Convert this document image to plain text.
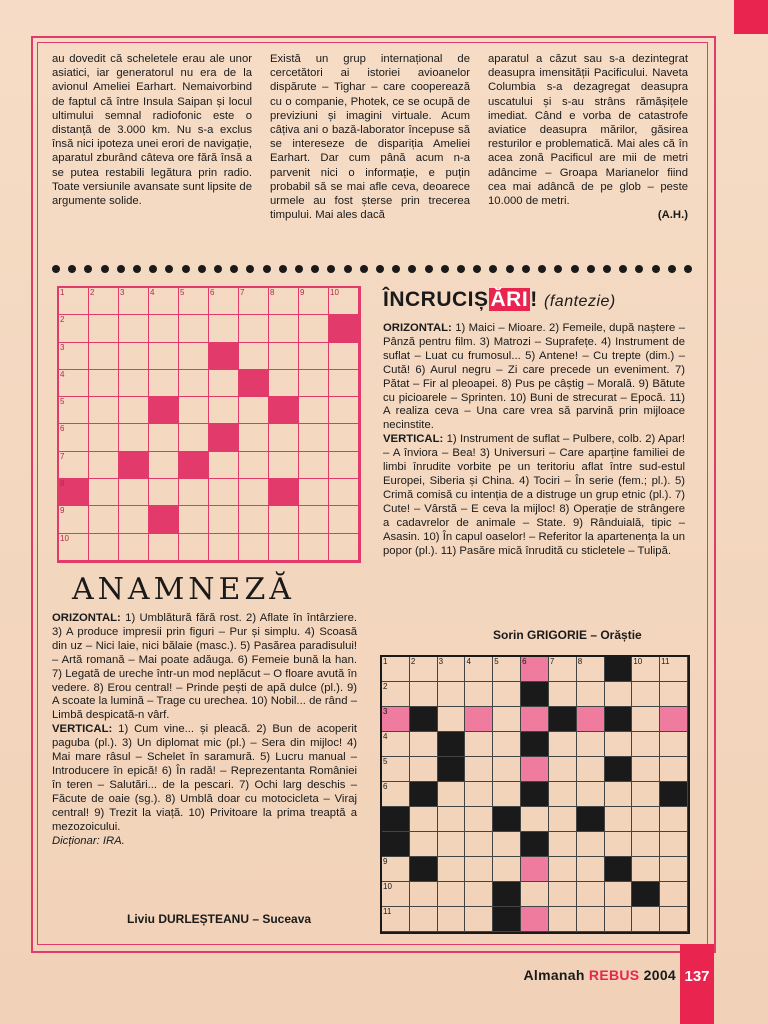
au dovedit că scheletele erau ale unor asiatici, iar generatorul nu era de la avionul Ameliei Earhart. Nemaivorbind de faptul că între Insula Saipan și locul ultimului semnal radiofonic este o distanță de 3.000 km. Nu s-a exclus însă nici ipoteza unei erori de navigație, aparatul zburând câteva ore fără însă a se putea restabili legătura prin radio. Toate versiunile avansate sunt lipsite de argumente solide.
Există un grup internațional de cercetători ai istoriei avioanelor dispărute – Tighar – care cooperează cu o companie, Photek, ce se ocupă de previziuni și imagini virtuale. Acum câțiva ani o bază-laborator începuse să se intereseze de dispariția Ameliei Earhart. Dar cum până acum n-a parvenit nici o informație, e puțin probabil să se mai afle ceva, deoarece urmele au fost șterse prin trecerea timpului. Mai ales dacă
aparatul a căzut sau s-a dezintegrat deasupra imensității Pacificului. Naveta Columbia s-a dezagregat deasupra uscatului și s-au strâns rămășițele imediat. Când e vorba de catastrofe aviatice deasupra mărilor, găsirea resturilor e problematică. Mai ales că în acea zonă Pacificul are mii de metri adâncime – Groapa Marianelor fiind cea mai adâncă de pe glob – peste 10.000 de metri.
(A.H.)
1	2	3	4	5	6	7	8	9	10
2
3
4
5
6
7
8
9
10
ÎNCRUCIȘĂRI! (fantezie)
ORIZONTAL: 1) Maici – Mioare. 2) Femeile, după naștere – Pânză pentru film. 3) Matrozi – Suprafețe. 4) Instrument de suflat – Luat cu frumosul... 5) Antene! – Cu trepte (dim.) – Cută! 6) Aurul negru – Zi care precede un eveniment. 7) Pătat – Fir al pleoapei. 8) Pus pe câștig – Morală. 9) Bătute cu picioarele – Sprinten. 10) Buni de strecurat – Epocă. 11) A realiza ceva – Una care vrea să parvină prin mijloace necinstite.
VERTICAL: 1) Instrument de suflat – Pulbere, colb. 2) Apar! – A înviora – Bea! 3) Universuri – Care aparține familiei de limbi înrudite vorbite pe un teritoriu aflat între sud-estul Europei, Siberia și China. 4) Tociri – În serie (fem.; pl.). 5) Crimă comisă cu intenția de a distruge un grup etnic (pl.). 7) Cute! – Vârstă – E ceva la mijloc! 8) Operație de strângere a cadavrelor de animale – State. 9) Rânduială, tipic – Asasin. 10) În capul oaselor! – Referitor la apartenența la un popor (pl.). 11) Pasăre mică înrudită cu sticletele – Tulipă.
Sorin GRIGORIE – Orăștie
ANAMNEZĂ
ORIZONTAL: 1) Umblătură fără rost. 2) Aflate în întârziere. 3) A produce impresii prin figuri – Pur și simplu. 4) Scoasă din uz – Nici laie, nici bălaie (masc.). 5) Pasărea paradisului! – Artă romană – Mai poate adăuga. 6) Femeie bună la han. 7) Legată de ureche într-un mod neplăcut – O floare avută în vedere. 8) Erou central! – Prinde pești de apă dulce (pl.). 9) A scoate la lumină – Trage cu urechea. 10) Nobil... de rând – Limbă despicată-n vârf.
VERTICAL: 1) Cum vine... și pleacă. 2) Bun de acoperit paguba (pl.). 3) Un diplomat mic (pl.) – Sera din mijloc! 4) Mai mare râsul – Schelet în saramură. 5) Lucru manual – Introducere în epică! 6) În radă! – Reprezentanta României în teren – Salutări... de la pescari. 7) Ochi larg deschis – Făcute de oaie (sg.). 8) Umblă doar cu motocicleta – Viraj central! 9) Trezit la viață. 10) Privitoare la prima treaptă a mezozoicului.
Dicționar: IRA.
Liviu DURLEȘTEANU – Suceava
1	2	3	4	5	6	7	8	9	10 11
2
3
4
5
6
7
8
9
10
11
Almanah REBUS 2004 137
